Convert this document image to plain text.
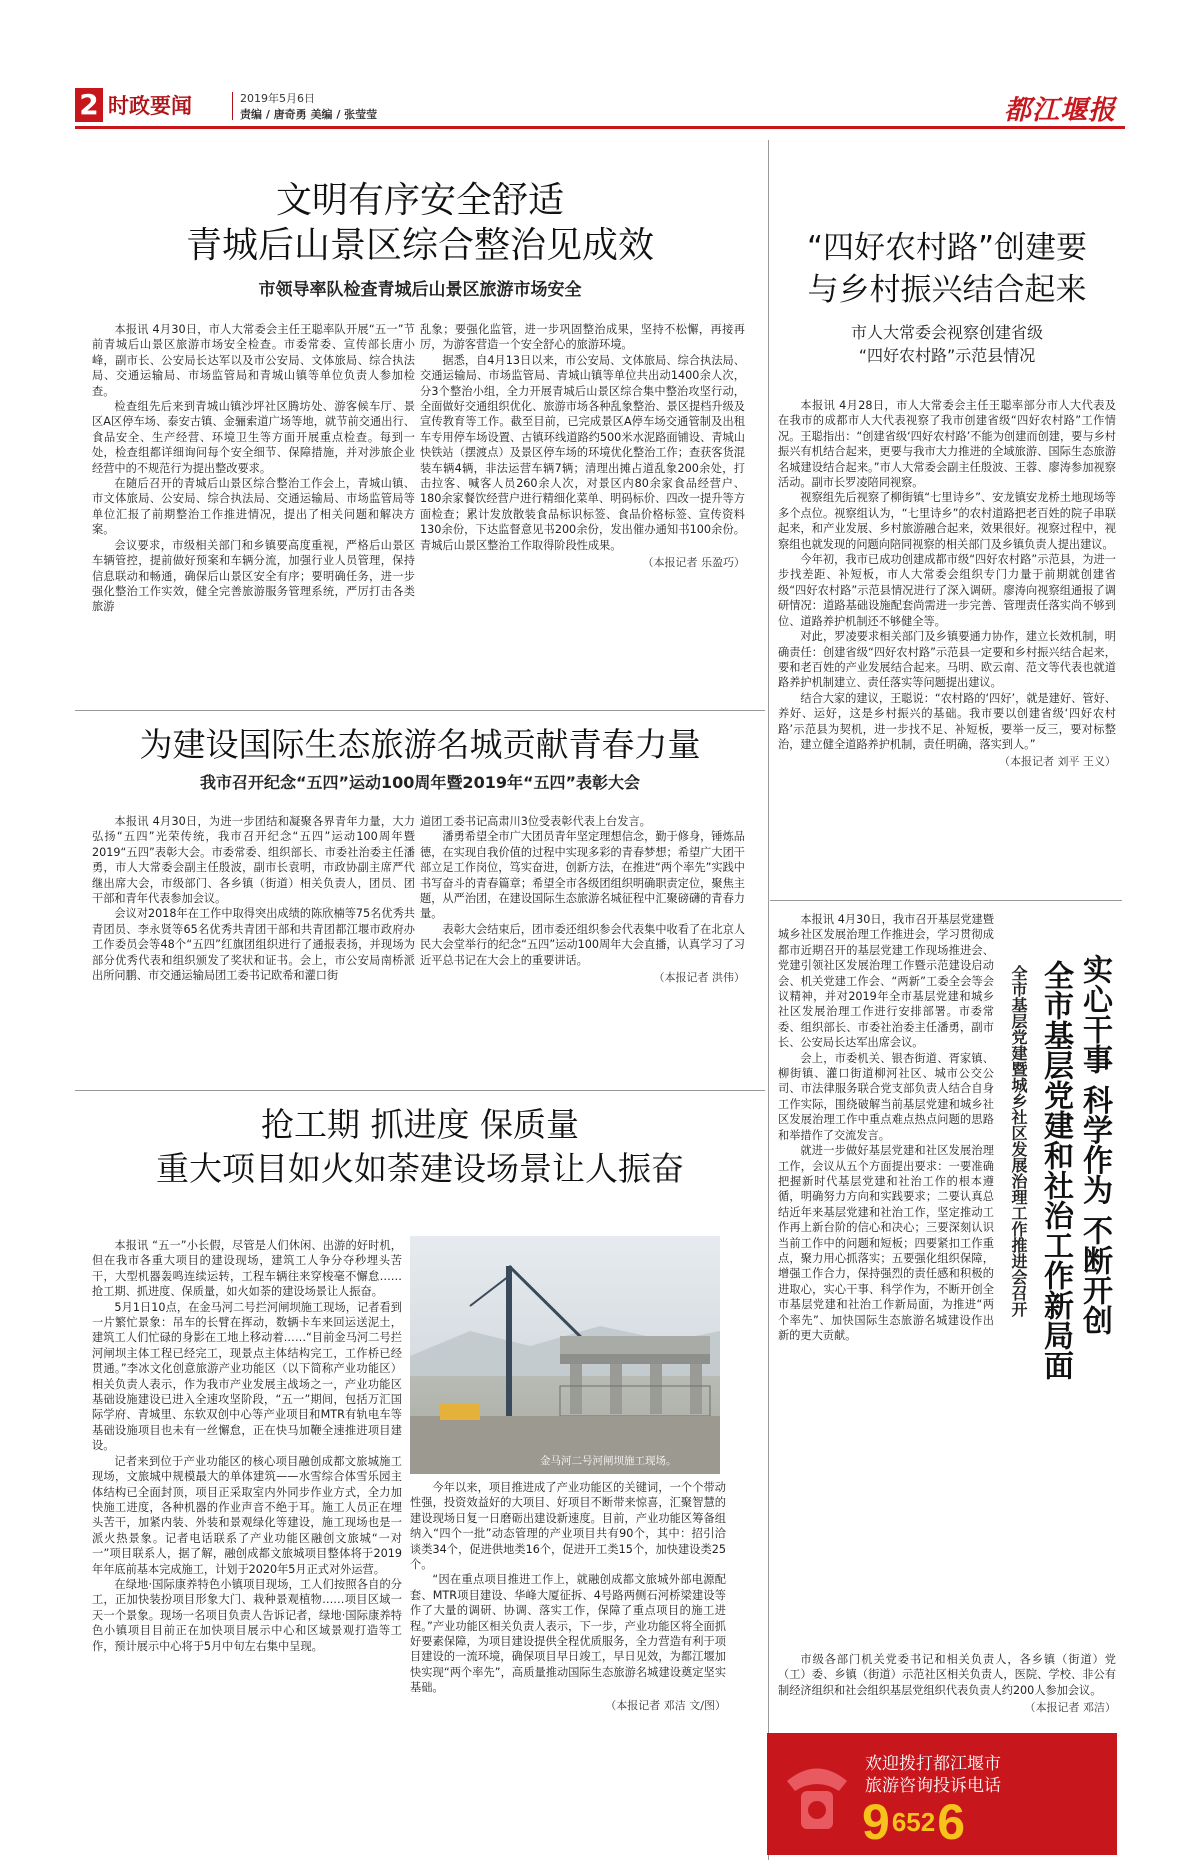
2 时政要闻	2019年5月6日
责编 / 唐奇勇 美编 / 张莹莹	都江堰报
文明有序安全舒适
青城后山景区综合整治见成效
市领导率队检查青城后山景区旅游市场安全

本报讯 4月30日，市人大常委会主任王聪率队开展“五一”节前青城后山景区旅游市场安全检查。市委常委、宣传部长唐小峰，副市长、公安局长达军以及市公安局、文体旅局、综合执法局、交通运输局、市场监管局和青城山镇等单位负责人参加检查。

检查组先后来到青城山镇沙坪社区腾坊处、游客候车厅、景区A区停车场、泰安古镇、金骊索道广场等地，就节前交通出行、食品安全、生产经营、环境卫生等方面开展重点检查。每到一处，检查组都详细询问每个安全细节、保障措施，并对涉旅企业经营中的不规范行为提出整改要求。

在随后召开的青城后山景区综合整治工作会上，青城山镇、市文体旅局、公安局、综合执法局、交通运输局、市场监管局等单位汇报了前期整治工作推进情况，提出了相关问题和解决方案。

会议要求，市级相关部门和乡镇要高度重视，严格后山景区车辆管控，提前做好预案和车辆分流，加强行业人员管理，保持信息联动和畅通，确保后山景区安全有序；要明确任务，进一步强化整治工作实效，健全完善旅游服务管理系统，严厉打击各类旅游

乱象；要强化监管，进一步巩固整治成果，坚持不松懈，再接再厉，为游客营造一个安全舒心的旅游环境。

据悉，自4月13日以来，市公安局、文体旅局、综合执法局、交通运输局、市场监管局、青城山镇等单位共出动1400余人次，分3个整治小组，全力开展青城后山景区综合集中整治攻坚行动，全面做好交通组织优化、旅游市场各种乱象整治、景区提档升级及宣传教育等工作。截至目前，已完成景区A停车场交通管制及出租车专用停车场设置、古镇环线道路约500米水泥路面铺设、青城山快铁站（摆渡点）及景区停车场的环境优化整治工作；查获客货混装车辆4辆，非法运营车辆7辆；清理出摊占道乱象200余处，打击拉客、喊客人员260余人次，对景区内80余家食品经营户、180余家餐饮经营户进行精细化菜单、明码标价、四改一提升等方面检查；累计发放散装食品标识标签、食品价格标签、宣传资料130余份，下达监督意见书200余份，发出催办通知书100余份。青城后山景区整治工作取得阶段性成果。

（本报记者 乐盈巧）
为建设国际生态旅游名城贡献青春力量
我市召开纪念“五四”运动100周年暨2019年“五四”表彰大会

本报讯 4月30日，为进一步团结和凝聚各界青年力量，大力弘扬“五四”光荣传统，我市召开纪念“五四”运动100周年暨2019“五四”表彰大会。市委常委、组织部长、市委社治委主任潘勇，市人大常委会副主任殷波，副市长袁明，市政协副主席严代继出席大会，市级部门、各乡镇（街道）相关负责人，团员、团干部和青年代表参加会议。

会议对2018年在工作中取得突出成绩的陈欣楠等75名优秀共青团员、李永贤等65名优秀共青团干部和共青团都江堰市政府办工作委员会等48个“五四”红旗团组织进行了通报表扬，并现场为部分优秀代表和组织颁发了奖状和证书。会上，市公安局南桥派出所问鹏、市交通运输局团工委书记欧希和灌口街

道团工委书记高肃川3位受表彰代表上台发言。

潘勇希望全市广大团员青年坚定理想信念，勤于修身，锤炼品德，在实现自我价值的过程中实现多彩的青春梦想；希望广大团干部立足工作岗位，笃实奋进，创新方法，在推进“两个率先”实践中书写奋斗的青春篇章；希望全市各级团组织明确职责定位，聚焦主题，从严治团，在建设国际生态旅游名城征程中汇聚磅礴的青春力量。

表彰大会结束后，团市委还组织参会代表集中收看了在北京人民大会堂举行的纪念“五四”运动100周年大会直播，认真学习了习近平总书记在大会上的重要讲话。

（本报记者 洪伟）
抢工期 抓进度 保质量
重大项目如火如荼建设场景让人振奋

本报讯 “五一”小长假，尽管是人们休闲、出游的好时机，但在我市各重大项目的建设现场，建筑工人争分夺秒埋头苦干，大型机器轰鸣连续运转，工程车辆往来穿梭毫不懈怠……抢工期、抓进度、保质量，如火如荼的建设场景让人振奋。

5月1日10点，在金马河二号拦河闸坝施工现场，记者看到一片繁忙景象：吊车的长臂在挥动，数辆卡车来回运送泥土，建筑工人们忙碌的身影在工地上移动着……“目前金马河二号拦河闸坝主体工程已经完工，现景点主体结构完工，工作桥已经贯通。”李冰文化创意旅游产业功能区（以下简称产业功能区）相关负责人表示，作为我市产业发展主战场之一，产业功能区基础设施建设已进入全速攻坚阶段，“五一”期间，包括万汇国际学府、青城里、东软双创中心等产业项目和MTR有轨电车等基础设施项目也未有一丝懈怠，正在快马加鞭全速推进项目建设。

记者来到位于产业功能区的核心项目融创成都文旅城施工现场，文旅城中规模最大的单体建筑——水雪综合体雪乐园主体结构已全面封顶，项目正采取室内外同步作业方式，全力加快施工进度，各种机器的作业声音不绝于耳。施工人员正在埋头苦干，加紧内装、外装和景观绿化等建设，施工现场也是一派火热景象。记者电话联系了产业功能区融创文旅城“一对一”项目联系人，据了解，融创成都文旅城项目整体将于2019年年底前基本完成施工，计划于2020年5月正式对外运营。

在绿地·国际康养特色小镇项目现场，工人们按照各自的分工，正加快装扮项目形象大门、栽种景观植物……项目区域一天一个景象。现场一名项目负责人告诉记者，绿地·国际康养特色小镇项目目前正在加快项目展示中心和区域景观打造等工作，预计展示中心将于5月中旬左右集中呈现。

金马河二号河闸坝施工现场。

今年以来，项目推进成了产业功能区的关键词，一个个带动性强，投资效益好的大项目、好项目不断带来惊喜，汇聚智慧的建设现场日复一日磨砺出建设新速度。目前，产业功能区筹备组纳入“四个一批”动态管理的产业项目共有90个，其中：招引洽谈类34个，促进供地类16个，促进开工类15个，加快建设类25个。

“因在重点项目推进工作上，就融创成都文旅城外部电源配套、MTR项目建设、华峰大厦征拆、4号路两侧石河桥梁建设等作了大量的调研、协调、落实工作，保障了重点项目的施工进程。”产业功能区相关负责人表示，下一步，产业功能区将全面抓好要素保障，为项目建设提供全程优质服务，全力营造有利于项目建设的一流环境，确保项目早日竣工，早日见效，为都江堰加快实现“两个率先”，高质量推动国际生态旅游名城建设奠定坚实基础。

（本报记者 邓洁 文/图）
“四好农村路”创建要
与乡村振兴结合起来
市人大常委会视察创建省级
“四好农村路”示范县情况

本报讯 4月28日，市人大常委会主任王聪率部分市人大代表及在我市的成都市人大代表视察了我市创建省级“四好农村路”工作情况。王聪指出：“创建省级‘四好农村路’不能为创建而创建，要与乡村振兴有机结合起来，更要与我市大力推进的全域旅游、国际生态旅游名城建设结合起来。”市人大常委会副主任殷波、王蓉、廖涛参加视察活动。副市长罗凌陪同视察。

视察组先后视察了柳街镇“七里诗乡”、安龙镇安龙桥土地现场等多个点位。视察组认为，“七里诗乡”的农村道路把老百姓的院子串联起来，和产业发展、乡村旅游融合起来，效果很好。视察过程中，视察组也就发现的问题向陪同视察的相关部门及乡镇负责人提出建议。

今年初，我市已成功创建成都市级“四好农村路”示范县，为进一步找差距、补短板，市人大常委会组织专门力量于前期就创建省级“四好农村路”示范县情况进行了深入调研。廖涛向视察组通报了调研情况：道路基础设施配套尚需进一步完善、管理责任落实尚不够到位、道路养护机制还不够健全等。

对此，罗凌要求相关部门及乡镇要通力协作，建立长效机制，明确责任：创建省级“四好农村路”示范县一定要和乡村振兴结合起来，要和老百姓的产业发展结合起来。马明、欧云南、范文等代表也就道路养护机制建立、责任落实等问题提出建议。

结合大家的建议，王聪说：“农村路的‘四好’，就是建好、管好、养好、运好，这是乡村振兴的基础。我市要以创建省级‘四好农村路’示范县为契机，进一步找不足、补短板，要举一反三，要对标整治，建立健全道路养护机制，责任明确，落实到人。”

（本报记者 刘平 王义）

本报讯 4月30日，我市召开基层党建暨城乡社区发展治理工作推进会，学习贯彻成都市近期召开的基层党建工作现场推进会、党建引领社区发展治理工作暨示范建设启动会、机关党建工作会、“两新”工委全会等会议精神，并对2019年全市基层党建和城乡社区发展治理工作进行安排部署。市委常委、组织部长、市委社治委主任潘勇，副市长、公安局长达军出席会议。

会上，市委机关、银杏街道、胥家镇、柳街镇、灌口街道柳河社区、城市公交公司、市法律服务联合党支部负责人结合自身工作实际，围绕破解当前基层党建和城乡社区发展治理工作中重点难点热点问题的思路和举措作了交流发言。

就进一步做好基层党建和社区发展治理工作，会议从五个方面提出要求：一要准确把握新时代基层党建和社治工作的根本遵循，明确努力方向和实践要求；二要认真总结近年来基层党建和社治工作，坚定推动工作再上新台阶的信心和决心；三要深刻认识当前工作中的问题和短板；四要紧扣工作重点，聚力用心抓落实；五要强化组织保障，增强工作合力，保持强烈的责任感和积极的进取心，实心干事、科学作为，不断开创全市基层党建和社治工作新局面，为推进“两个率先”、加快国际生态旅游名城建设作出新的更大贡献。

实心干事 科学作为 不断开创
全市基层党建和社治工作新局面
全市基层党建暨城乡社区发展治理工作推进会召开

市级各部门机关党委书记和相关负责人，各乡镇（街道）党（工）委、乡镇（街道）示范社区相关负责人，医院、学校、非公有制经济组织和社会组织基层党组织代表负责人约200人参加会议。

（本报记者 邓洁）
欢迎拨打都江堰市
旅游咨询投诉电话
96526
